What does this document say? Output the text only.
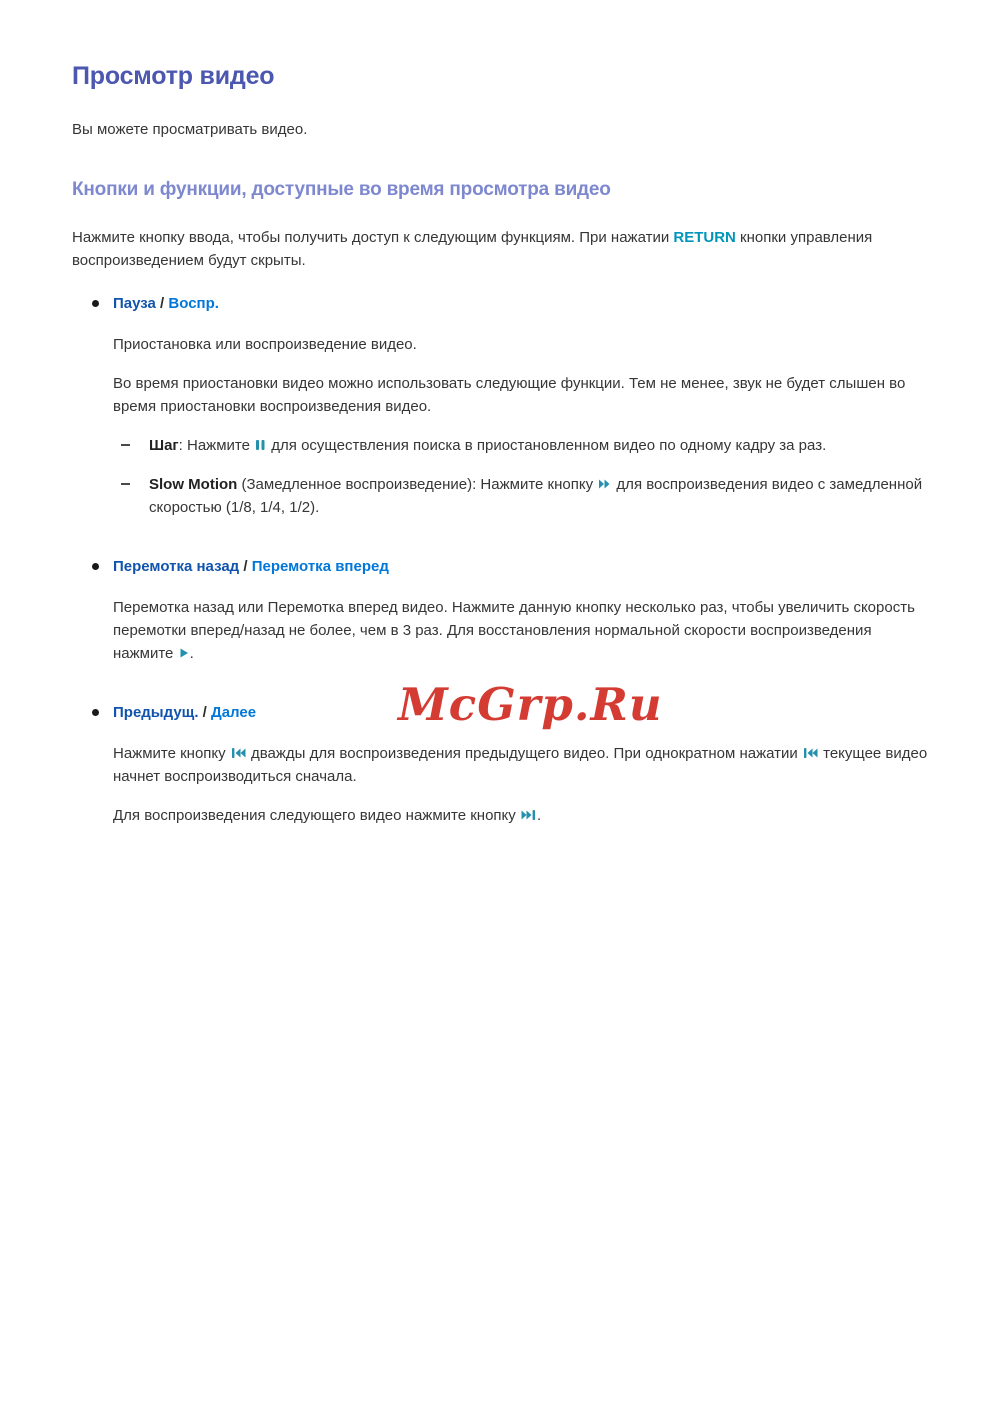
Просмотр видео

Вы можете просматривать видео.

Кнопки и функции, доступные во время просмотра видео

Нажмите кнопку ввода, чтобы получить доступ к следующим функциям. При нажатии RETURN кнопки управления воспроизведением будут скрыты.

Пауза / Воспр.

Приостановка или воспроизведение видео.

Во время приостановки видео можно использовать следующие функции. Тем не менее, звук не будет слышен во время приостановки воспроизведения видео.

Шаг: Нажмите
для осуществления поиска в приостановленном видео по одному кадру за раз.

Slow Motion (Замедленное воспроизведение): Нажмите кнопку
для воспроизведения видео с замедленной скоростью (1/8, 1/4, 1/2).

Перемотка назад / Перемотка вперед

Перемотка назад или Перемотка вперед видео. Нажмите данную кнопку несколько раз, чтобы увеличить скорость перемотки вперед/назад не более, чем в 3 раз. Для восстановления нормальной скорости воспроизведения нажмите
.

Предыдущ. / Далее

Нажмите кнопку
дважды для воспроизведения предыдущего видео. При однократном нажатии
текущее видео начнет воспроизводиться сначала.

Для воспроизведения следующего видео нажмите кнопку
.

McGrp.Ru
